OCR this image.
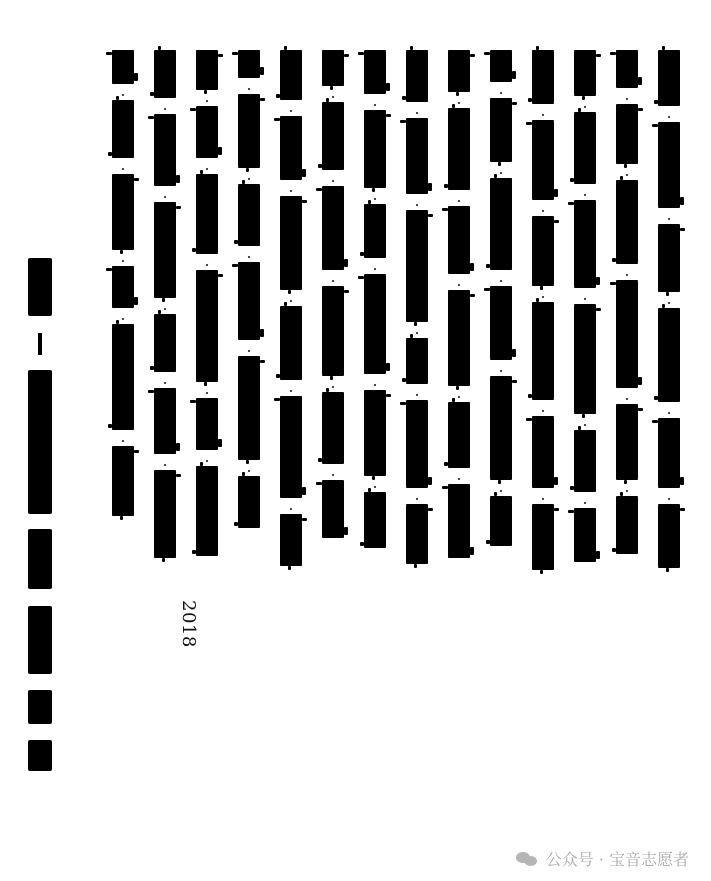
2018
公众号 · 宝音志愿者
